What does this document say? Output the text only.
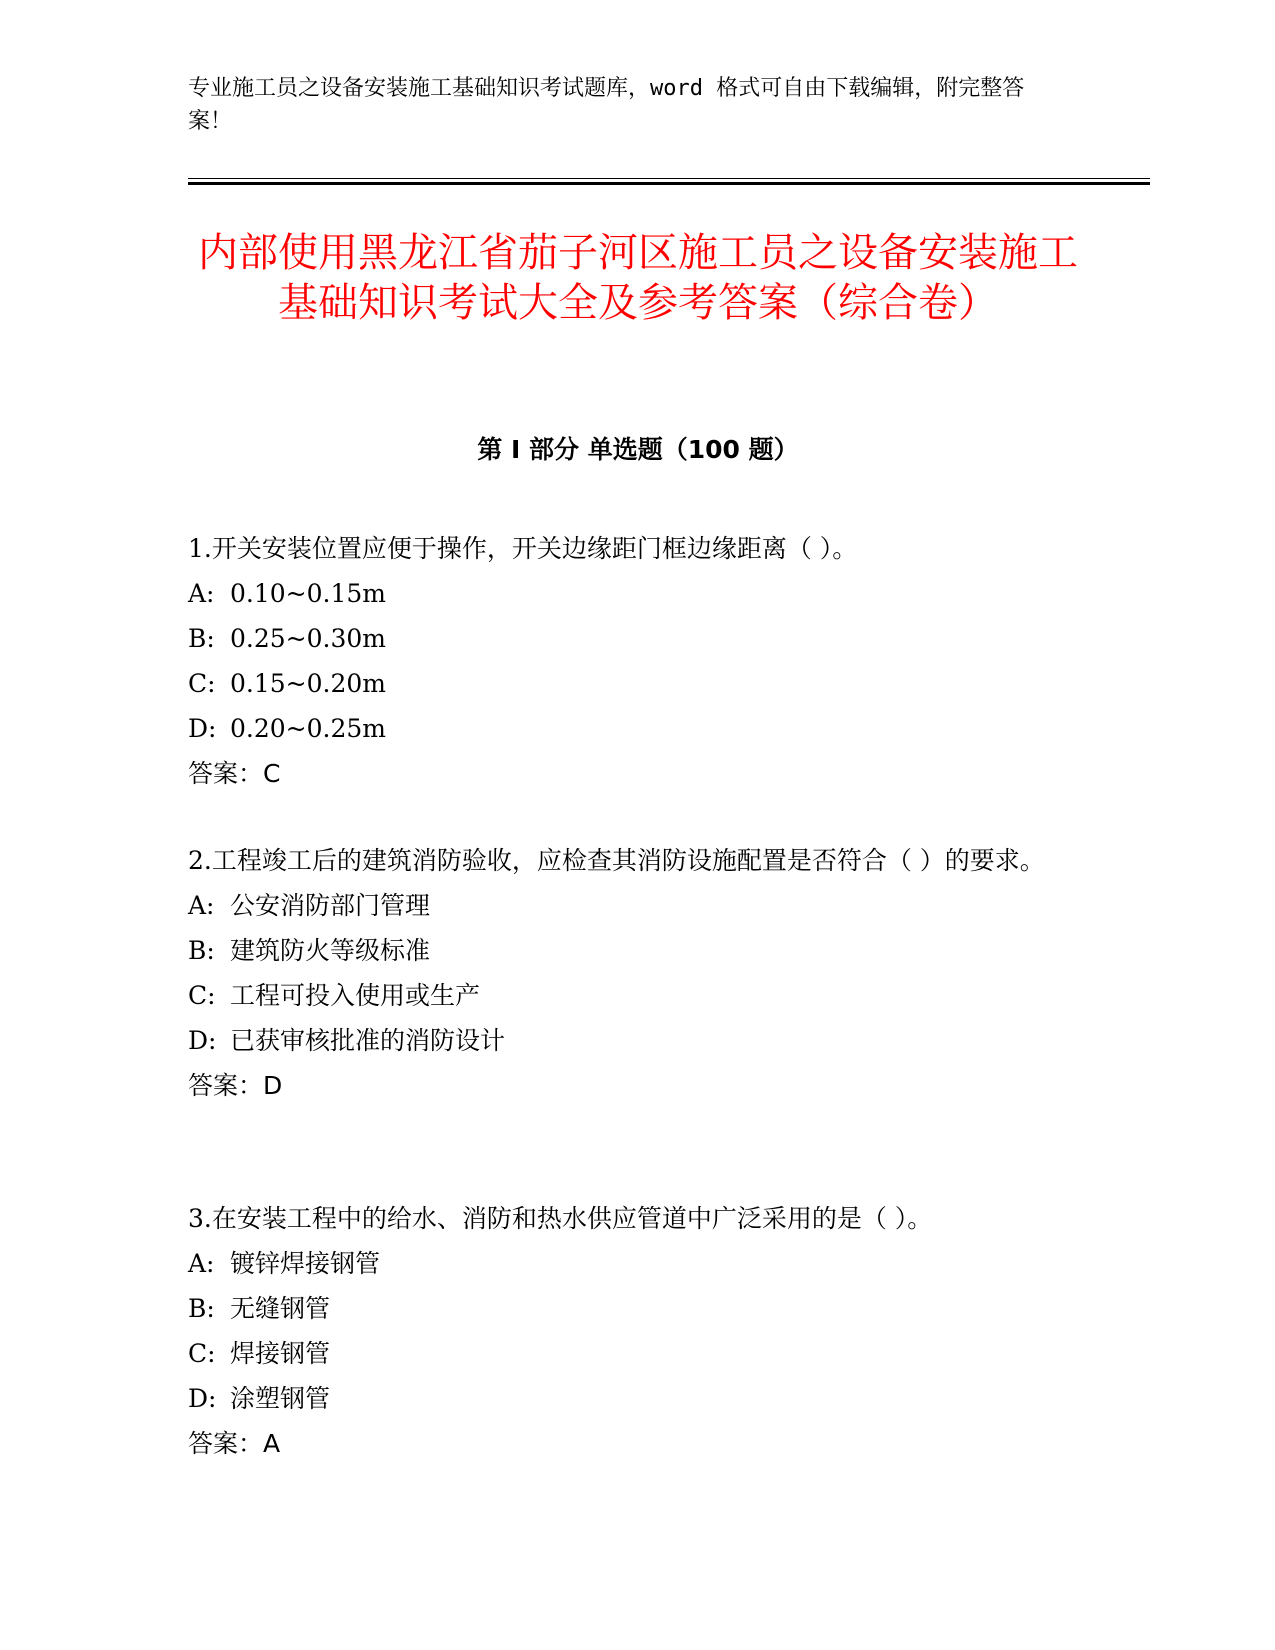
专业施工员之设备安装施工基础知识考试题库，word 格式可自由下载编辑，附完整答案！
内部使用黑龙江省茄子河区施工员之设备安装施工基础知识考试大全及参考答案（综合卷）
第 I 部分 单选题（100 题）

1.开关安装位置应便于操作，开关边缘距门框边缘距离（ ）。

A: 0.10~0.15m

B: 0.25~0.30m

C: 0.15~0.20m

D: 0.20~0.25m

答案：C

2.工程竣工后的建筑消防验收，应检查其消防设施配置是否符合（ ）的要求。

A: 公安消防部门管理

B: 建筑防火等级标准

C: 工程可投入使用或生产

D: 已获审核批准的消防设计

答案：D

3.在安装工程中的给水、消防和热水供应管道中广泛采用的是（ ）。

A: 镀锌焊接钢管

B: 无缝钢管

C: 焊接钢管

D: 涂塑钢管

答案：A
